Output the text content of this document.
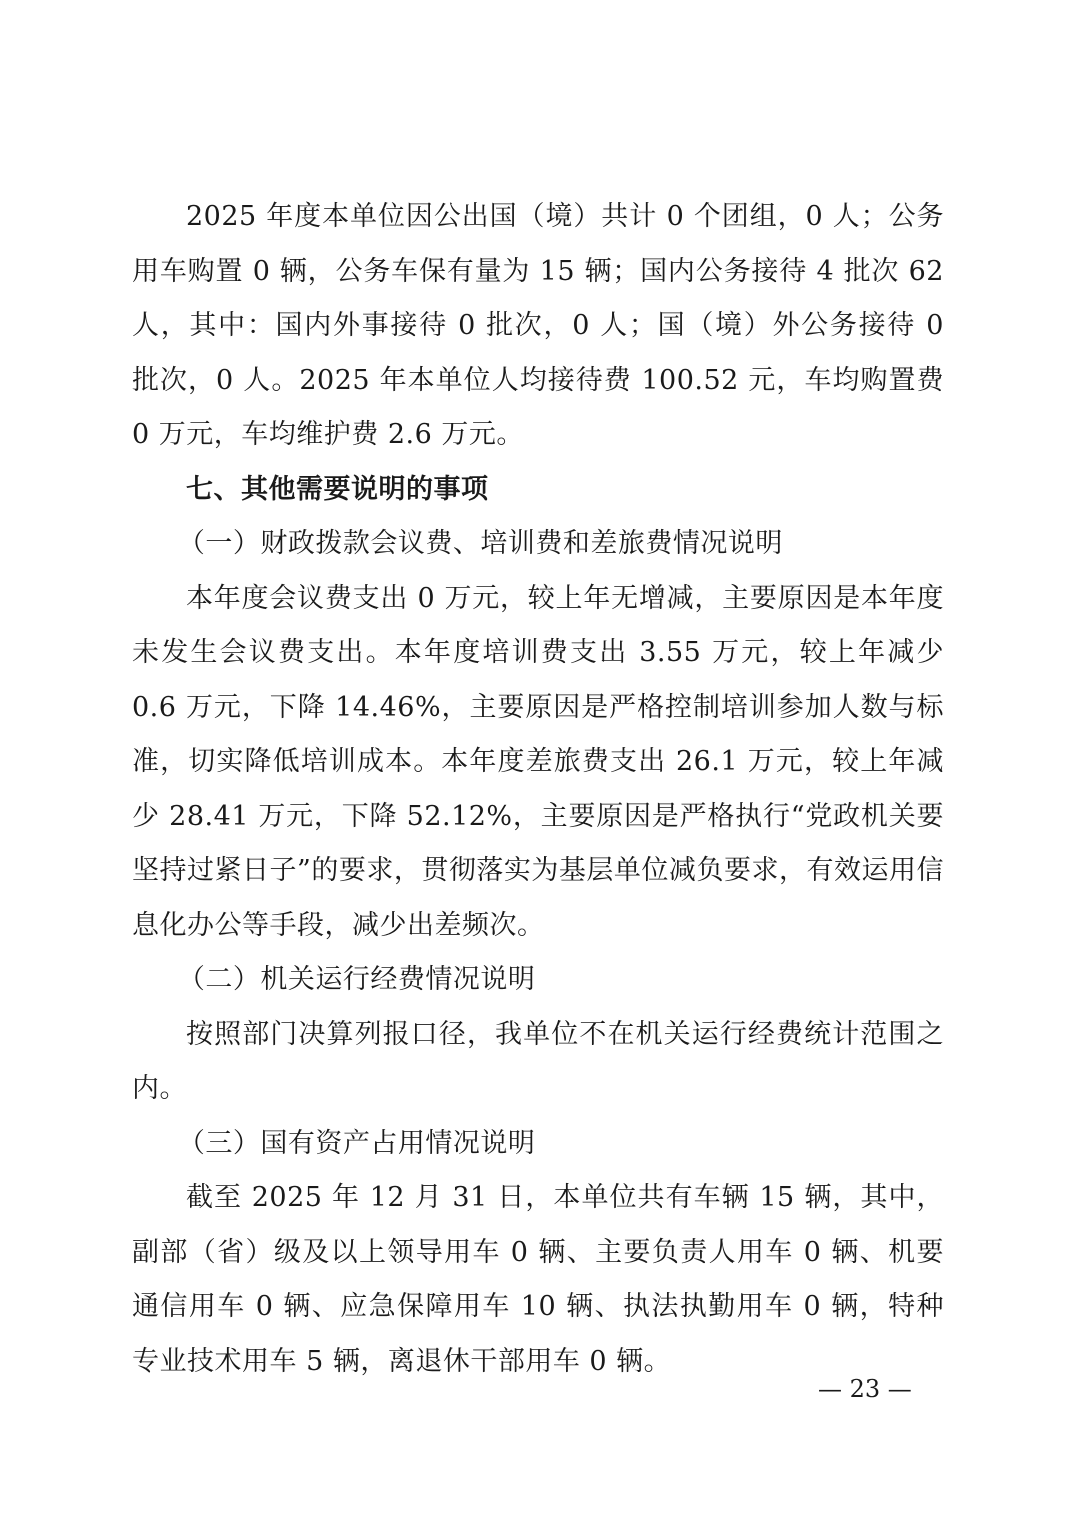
2025 年度本单位因公出国（境）共计 0 个团组，0 人；公务用车购置 0 辆，公务车保有量为 15 辆；国内公务接待 4 批次 62 人，其中：国内外事接待 0 批次，0 人；国（境）外公务接待 0 批次，0 人。2025 年本单位人均接待费 100.52 元，车均购置费 0 万元，车均维护费 2.6 万元。

七、其他需要说明的事项

（一）财政拨款会议费、培训费和差旅费情况说明

本年度会议费支出 0 万元，较上年无增减，主要原因是本年度未发生会议费支出。本年度培训费支出 3.55 万元，较上年减少 0.6 万元，下降 14.46%，主要原因是严格控制培训参加人数与标准，切实降低培训成本。本年度差旅费支出 26.1 万元，较上年减少 28.41 万元，下降 52.12%，主要原因是严格执行“党政机关要坚持过紧日子”的要求，贯彻落实为基层单位减负要求，有效运用信息化办公等手段，减少出差频次。

（二）机关运行经费情况说明

按照部门决算列报口径，我单位不在机关运行经费统计范围之内。

（三）国有资产占用情况说明

截至 2025 年 12 月 31 日，本单位共有车辆 15 辆，其中，副部（省）级及以上领导用车 0 辆、主要负责人用车 0 辆、机要通信用车 0 辆、应急保障用车 10 辆、执法执勤用车 0 辆，特种专业技术用车 5 辆，离退休干部用车 0 辆。

— 23 —
